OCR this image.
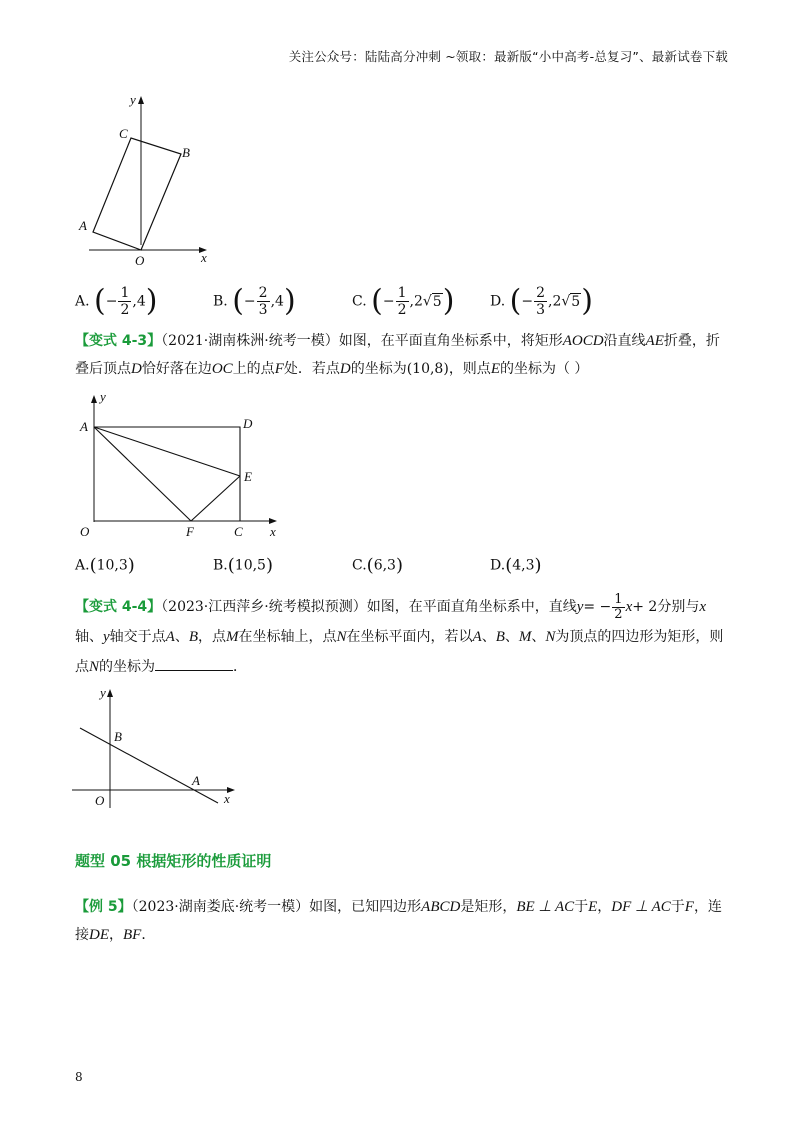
关注公众号：陆陆高分冲刺 ~领取：最新版“小中高考-总复习”、最新试卷下载
y
x
O
A
B
C
A. (− $\frac{1}{2} ,4$)	B. (− $\frac{2}{3} ,4$)	C. (− $\frac{1}{2} ,2√5$)	D. (− $\frac{2}{3} ,2√5$)
【变式 4-3】（2021·湖南株洲·统考一模）如图，在平面直角坐标系中，将矩形AOCD沿直线AE折叠，折叠后顶点D恰好落在边OC上的点F处．若点D的坐标为(10,8)，则点E的坐标为（ ）
y
x
O
A	D
E
F	C
A.(10,3)	B.(10,5)	C.(6,3)	D.(4,3)
【变式 4-4】（2023·江西萍乡·统考模拟预测）如图，在平面直角坐标系中，直线$y= - \frac{1}{2} x+ 2$分别与x轴、y轴交于点A、B，点M在坐标轴上，点N在坐标平面内，若以A、B、M、N为顶点的四边形为矩形，则点N的坐标为	．
y
x
O
B
A
题型 05 根据矩形的性质证明
【例 5】（2023·湖南娄底·统考一模）如图，已知四边形ABCD是矩形，BE ⊥ AC于E，DF ⊥ AC于F，连接DE，BF．
8
